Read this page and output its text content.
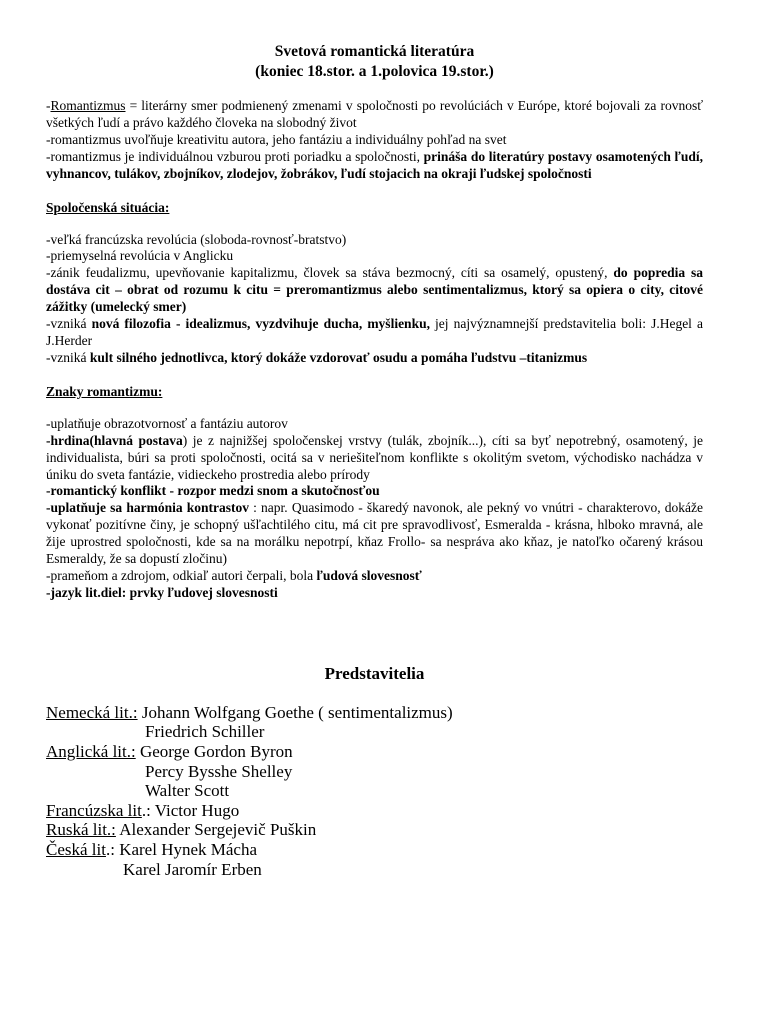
Svetová romantická literatúra
(koniec 18.stor. a 1.polovica 19.stor.)

-Romantizmus = literárny smer podmienený zmenami v spoločnosti po revolúciách v Európe, ktoré bojovali za rovnosť všetkých ľudí a právo každého človeka na slobodný život

-romantizmus uvoľňuje kreativitu autora, jeho fantáziu a individuálny pohľad na svet

-romantizmus je individuálnou vzburou proti poriadku a spoločnosti, prináša do literatúry postavy osamotených ľudí, vyhnancov, tulákov, zbojníkov, zlodejov, žobrákov, ľudí stojacich na okraji ľudskej spoločnosti

Spoločenská situácia:

-veľká francúzska revolúcia (sloboda-rovnosť-bratstvo)

-priemyselná revolúcia v Anglicku

-zánik feudalizmu, upevňovanie kapitalizmu, človek sa stáva bezmocný, cíti sa osamelý, opustený, do popredia sa dostáva cit – obrat od rozumu k citu = preromantizmus alebo sentimentalizmus, ktorý sa opiera o city, citové zážitky (umelecký smer)

-vzniká nová filozofia - idealizmus, vyzdvihuje ducha, myšlienku, jej najvýznamnejší predstavitelia boli: J.Hegel a J.Herder

-vzniká kult silného jednotlivca, ktorý dokáže vzdorovať osudu a pomáha ľudstvu –titanizmus

Znaky romantizmu:

-uplatňuje obrazotvornosť a fantáziu autorov

-hrdina(hlavná postava) je z najnižšej spoločenskej vrstvy (tulák, zbojník...), cíti sa byť nepotrebný, osamotený, je individualista, búri sa proti spoločnosti, ocitá sa v neriešiteľnom konflikte s okolitým svetom, východisko nachádza v úniku do sveta fantázie, vidieckeho prostredia alebo prírody

-romantický konflikt - rozpor medzi snom a skutočnosťou

-uplatňuje sa harmónia kontrastov : napr. Quasimodo - škaredý navonok, ale pekný vo vnútri - charakterovo, dokáže vykonať pozitívne činy, je schopný ušľachtilého citu, má cit pre spravodlivosť, Esmeralda - krásna, hlboko mravná, ale žije uprostred spoločnosti, kde sa na morálku nepotrpí, kňaz Frollo- sa nespráva ako kňaz, je natoľko očarený krásou Esmeraldy, že sa dopustí zločinu)

-prameňom a zdrojom, odkiaľ autori čerpali, bola ľudová slovesnosť

-jazyk lit.diel: prvky ľudovej slovesnosti

Predstavitelia
Nemecká lit.: Johann Wolfgang Goethe ( sentimentalizmus)
Friedrich Schiller
Anglická lit.: George Gordon Byron
Percy Bysshe Shelley
Walter Scott
Francúzska lit .: Victor Hugo
Ruská lit.: Alexander Sergejevič Puškin
Česká lit .: Karel Hynek Mácha
Karel Jaromír Erben
